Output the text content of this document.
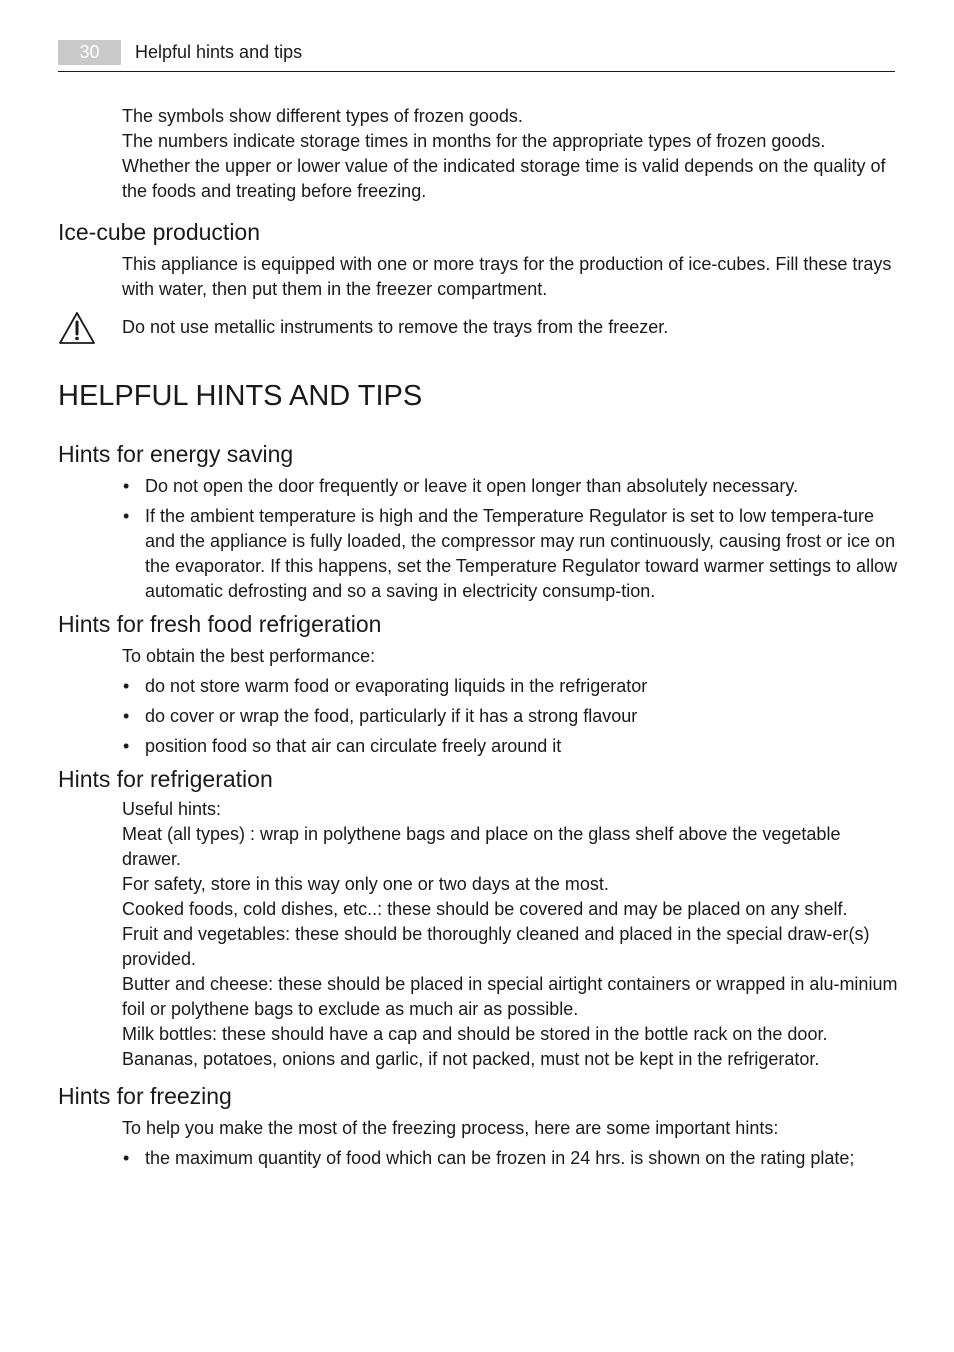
30	Helpful hints and tips

The symbols show different types of frozen goods.

The numbers indicate storage times in months for the appropriate types of frozen goods.

Whether the upper or lower value of the indicated storage time is valid depends on the quality of the foods and treating before freezing.

Ice-cube production

This appliance is equipped with one or more trays for the production of ice-cubes. Fill these trays with water, then put them in the freezer compartment.

Do not use metallic instruments to remove the trays from the freezer.
HELPFUL HINTS AND TIPS
Hints for energy saving
• Do not open the door frequently or leave it open longer than absolutely necessary.
• If the ambient temperature is high and the Temperature Regulator is set to low tempera-ture and the appliance is fully loaded, the compressor may run continuously, causing frost or ice on the evaporator. If this happens, set the Temperature Regulator toward warmer settings to allow automatic defrosting and so a saving in electricity consump-tion.
Hints for fresh food refrigeration

To obtain the best performance:

• do not store warm food or evaporating liquids in the refrigerator
• do cover or wrap the food, particularly if it has a strong flavour
• position food so that air can circulate freely around it
Hints for refrigeration

Useful hints:

Meat (all types) : wrap in polythene bags and place on the glass shelf above the vegetable drawer.

For safety, store in this way only one or two days at the most.

Cooked foods, cold dishes, etc..: these should be covered and may be placed on any shelf.

Fruit and vegetables: these should be thoroughly cleaned and placed in the special draw-er(s) provided.

Butter and cheese: these should be placed in special airtight containers or wrapped in alu-minium foil or polythene bags to exclude as much air as possible.

Milk bottles: these should have a cap and should be stored in the bottle rack on the door.

Bananas, potatoes, onions and garlic, if not packed, must not be kept in the refrigerator.

Hints for freezing

To help you make the most of the freezing process, here are some important hints:

• the maximum quantity of food which can be frozen in 24 hrs. is shown on the rating plate;
